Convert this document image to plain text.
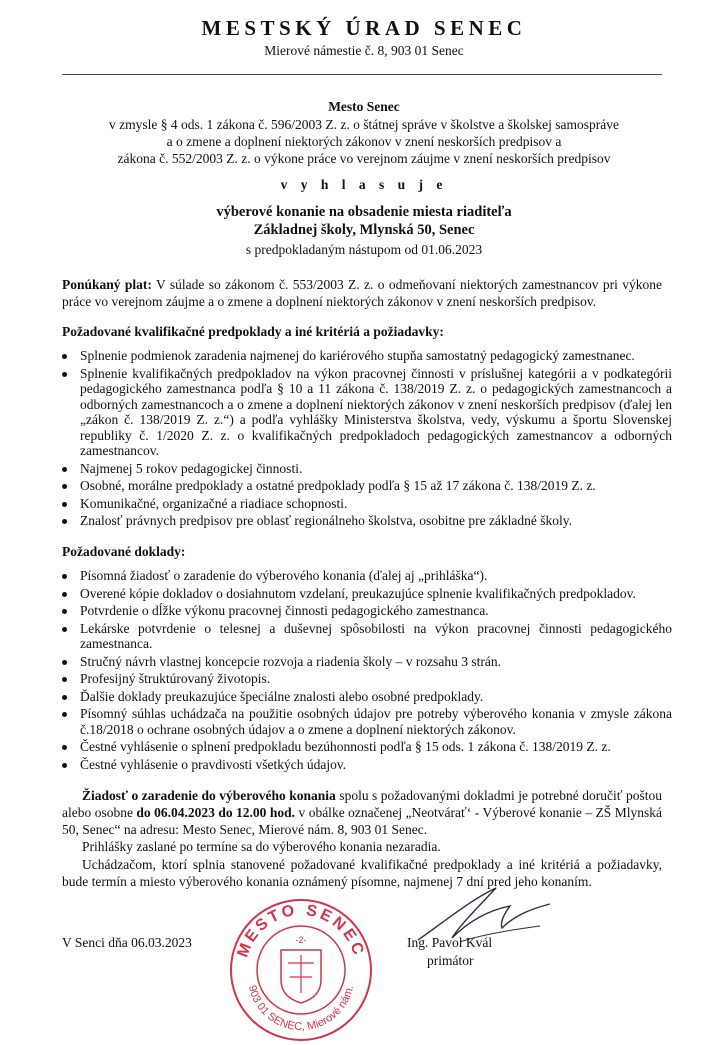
MESTSKÝ ÚRAD SENEC
Mierové námestie č. 8, 903 01 Senec
Mesto Senec
v zmysle § 4 ods. 1 zákona č. 596/2003 Z. z. o štátnej správe v školstve a školskej samospráve
a o zmene a doplnení niektorých zákonov v znení neskorších predpisov a
zákona č. 552/2003 Z. z. o výkone práce vo verejnom záujme v znení neskorších predpisov
v y h l a s u j e
výberové konanie na obsadenie miesta riaditeľa
Základnej školy, Mlynská 50, Senec
s predpokladaným nástupom od 01.06.2023
Ponúkaný plat: V súlade so zákonom č. 553/2003 Z. z. o odmeňovaní niektorých zamestnancov pri výkone práce vo verejnom záujme a o zmene a doplnení niektorých zákonov v znení neskorších predpisov.
Požadované kvalifikačné predpoklady a iné kritériá a požiadavky:
Splnenie podmienok zaradenia najmenej do kariérového stupňa samostatný pedagogický zamestnanec.
Splnenie kvalifikačných predpokladov na výkon pracovnej činnosti v príslušnej kategórii a v podkategórii pedagogického zamestnanca podľa § 10 a 11 zákona č. 138/2019 Z. z. o pedagogických zamestnancoch a odborných zamestnancoch a o zmene a doplnení niektorých zákonov v znení neskorších predpisov (ďalej len „zákon č. 138/2019 Z. z.“) a podľa vyhlášky Ministerstva školstva, vedy, výskumu a športu Slovenskej republiky č. 1/2020 Z. z. o kvalifikačných predpokladoch pedagogických zamestnancov a odborných zamestnancov.
Najmenej 5 rokov pedagogickej činnosti.
Osobné, morálne predpoklady a ostatné predpoklady podľa § 15 až 17 zákona č. 138/2019 Z. z.
Komunikačné, organizačné a riadiace schopnosti.
Znalosť právnych predpisov pre oblasť regionálneho školstva, osobitne pre základné školy.
Požadované doklady:
Písomná žiadosť o zaradenie do výberového konania (ďalej aj „prihláška“).
Overené kópie dokladov o dosiahnutom vzdelaní, preukazujúce splnenie kvalifikačných predpokladov.
Potvrdenie o dĺžke výkonu pracovnej činnosti pedagogického zamestnanca.
Lekárske potvrdenie o telesnej a duševnej spôsobilosti na výkon pracovnej činnosti pedagogického zamestnanca.
Stručný návrh vlastnej koncepcie rozvoja a riadenia školy – v rozsahu 3 strán.
Profesijný štruktúrovaný životopis.
Ďalšie doklady preukazujúce špeciálne znalosti alebo osobné predpoklady.
Písomný súhlas uchádzača na použitie osobných údajov pre potreby výberového konania v zmysle zákona č.18/2018 o ochrane osobných údajov a o zmene a doplnení niektorých zákonov.
Čestné vyhlásenie o splnení predpokladu bezúhonnosti podľa § 15 ods. 1 zákona č. 138/2019 Z. z.
Čestné vyhlásenie o pravdivosti všetkých údajov.
Žiadosť o zaradenie do výberového konania spolu s požadovanými dokladmi je potrebné doručiť poštou alebo osobne do 06.04.2023 do 12.00 hod. v obálke označenej „Neotvárať‘ - Výberové konanie – ZŠ Mlynská 50, Senec“ na adresu: Mesto Senec, Mierové nám. 8, 903 01 Senec.
Prihlášky zaslané po termíne sa do výberového konania nezaradia.
Uchádzačom, ktorí splnia stanovené požadované kvalifikačné predpoklady a iné kritériá a požiadavky, bude termín a miesto výberového konania oznámený písomne, najmenej 7 dní pred jeho konaním.
V Senci dňa 06.03.2023	MESTO SENEC
903 01 SENEC, Mierové nám.
-2-	Ing. Pavol Kvál
primátor
